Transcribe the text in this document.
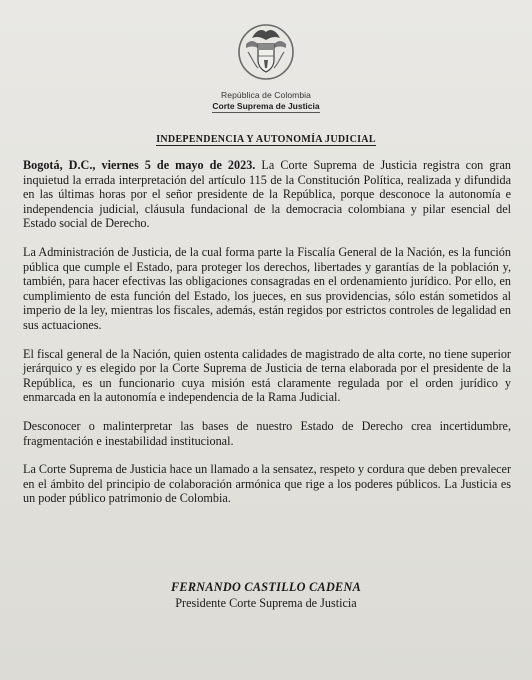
República de Colombia
Corte Suprema de Justicia
INDEPENDENCIA Y AUTONOMÍA JUDICIAL

Bogotá, D.C., viernes 5 de mayo de 2023. La Corte Suprema de Justicia registra con gran inquietud la errada interpretación del artículo 115 de la Constitución Política, realizada y difundida en las últimas horas por el señor presidente de la República, porque desconoce la autonomía e independencia judicial, cláusula fundacional de la democracia colombiana y pilar esencial del Estado social de Derecho.

La Administración de Justicia, de la cual forma parte la Fiscalía General de la Nación, es la función pública que cumple el Estado, para proteger los derechos, libertades y garantías de la población y, también, para hacer efectivas las obligaciones consagradas en el ordenamiento jurídico. Por ello, en cumplimiento de esta función del Estado, los jueces, en sus providencias, sólo están sometidos al imperio de la ley, mientras los fiscales, además, están regidos por estrictos controles de legalidad en sus actuaciones.

El fiscal general de la Nación, quien ostenta calidades de magistrado de alta corte, no tiene superior jerárquico y es elegido por la Corte Suprema de Justicia de terna elaborada por el presidente de la República, es un funcionario cuya misión está claramente regulada por el orden jurídico y enmarcada en la autonomía e independencia de la Rama Judicial.

Desconocer o malinterpretar las bases de nuestro Estado de Derecho crea incertidumbre, fragmentación e inestabilidad institucional.

La Corte Suprema de Justicia hace un llamado a la sensatez, respeto y cordura que deben prevalecer en el ámbito del principio de colaboración armónica que rige a los poderes públicos. La Justicia es un poder público patrimonio de Colombia.

FERNANDO CASTILLO CADENA
Presidente Corte Suprema de Justicia
